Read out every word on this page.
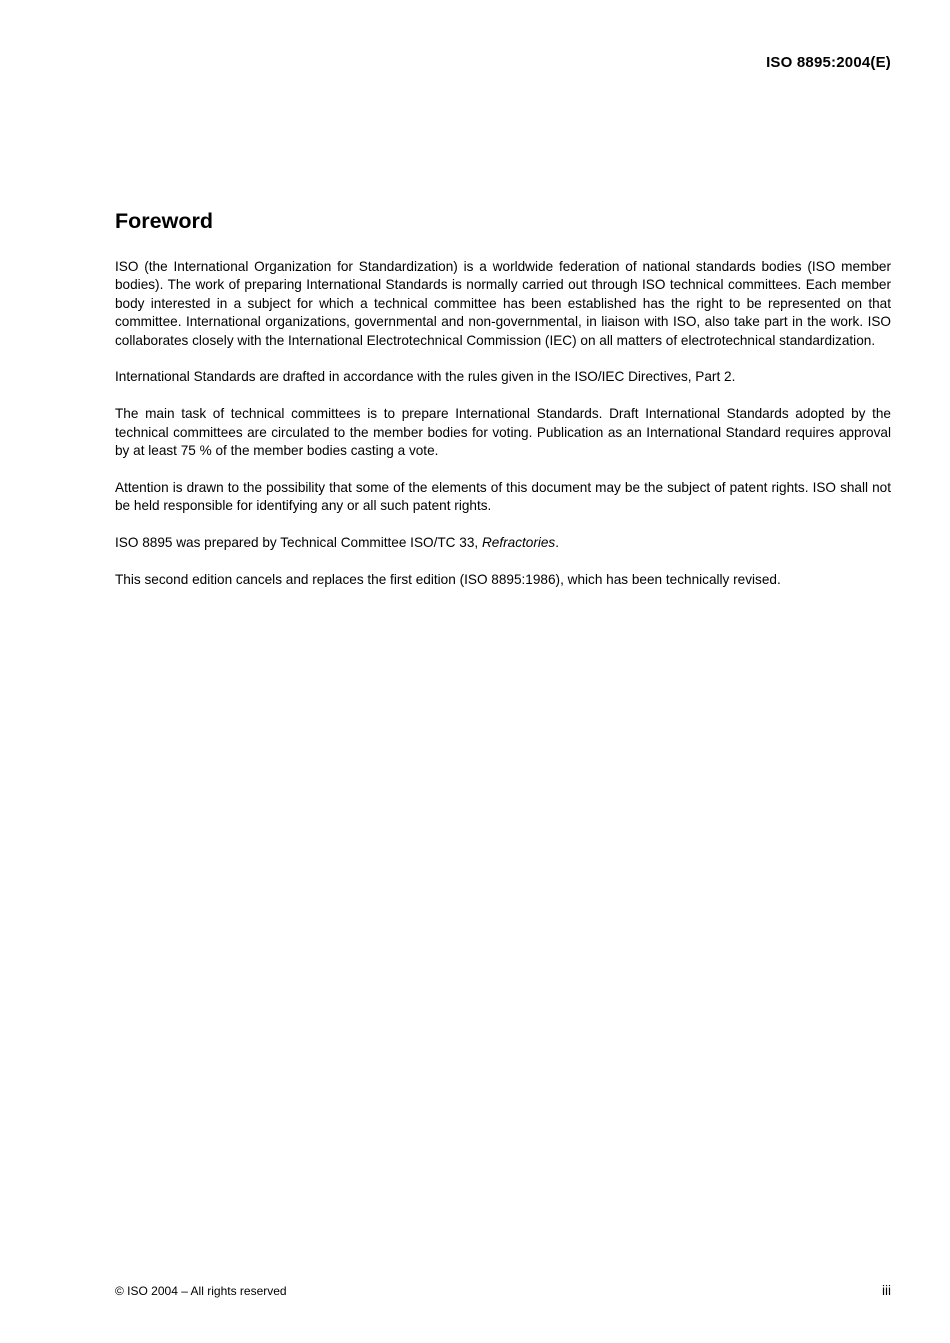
ISO 8895:2004(E)
Foreword

ISO (the International Organization for Standardization) is a worldwide federation of national standards bodies (ISO member bodies). The work of preparing International Standards is normally carried out through ISO technical committees. Each member body interested in a subject for which a technical committee has been established has the right to be represented on that committee. International organizations, governmental and non-governmental, in liaison with ISO, also take part in the work. ISO collaborates closely with the International Electrotechnical Commission (IEC) on all matters of electrotechnical standardization.

International Standards are drafted in accordance with the rules given in the ISO/IEC Directives, Part 2.

The main task of technical committees is to prepare International Standards. Draft International Standards adopted by the technical committees are circulated to the member bodies for voting. Publication as an International Standard requires approval by at least 75 % of the member bodies casting a vote.

Attention is drawn to the possibility that some of the elements of this document may be the subject of patent rights. ISO shall not be held responsible for identifying any or all such patent rights.

ISO 8895 was prepared by Technical Committee ISO/TC 33, Refractories.

This second edition cancels and replaces the first edition (ISO 8895:1986), which has been technically revised.

© ISO 2004 – All rights reserved	iii
